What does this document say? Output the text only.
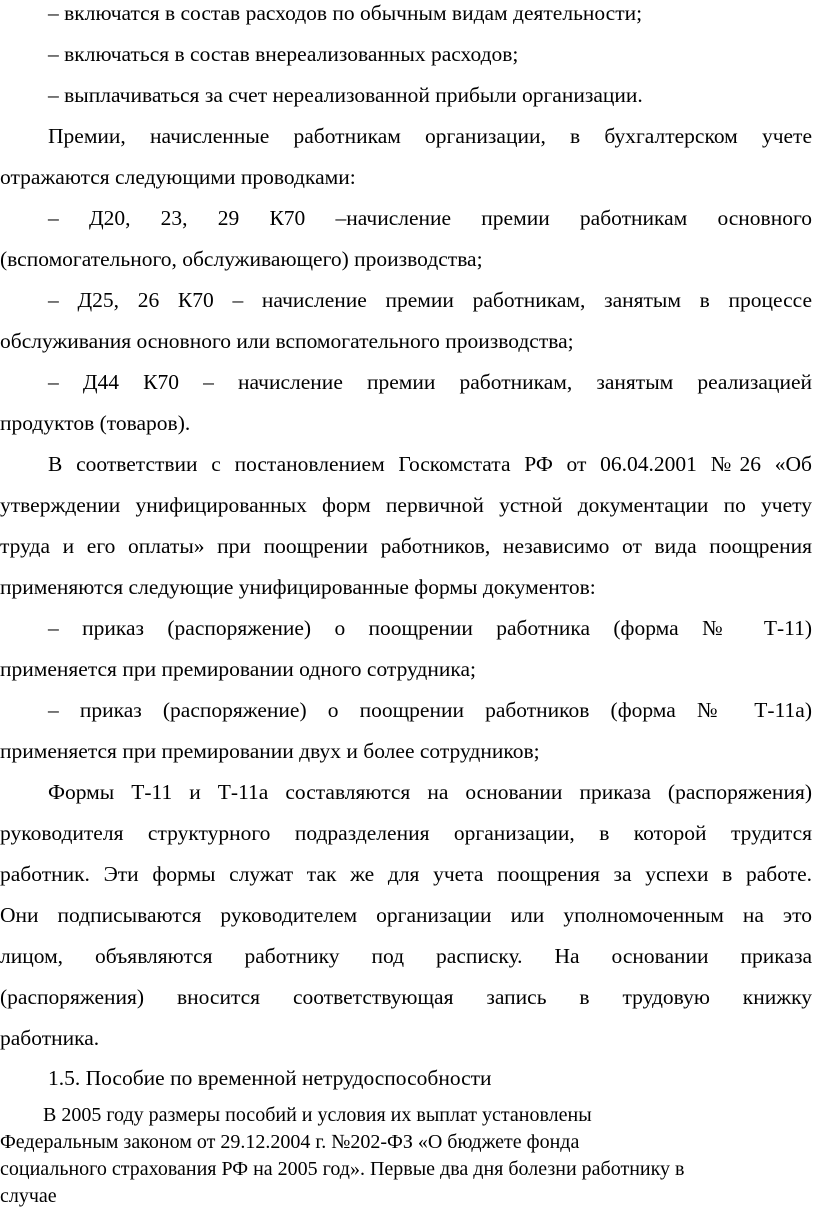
– включатся в состав расходов по обычным видам деятельности;

– включаться в состав внереализованных расходов;

– выплачиваться за счет нереализованной прибыли организации.

Премии, начисленные работникам организации, в бухгалтерском учете

отражаются следующими проводками:

– Д20, 23, 29 К70 –начисление премии работникам основного

(вспомогательного, обслуживающего) производства;

– Д25, 26 К70 – начисление премии работникам, занятым в процессе

обслуживания основного или вспомогательного производства;

– Д44 К70 – начисление премии работникам, занятым реализацией

продуктов (товаров).

В соответствии с постановлением Госкомстата РФ от 06.04.2001 №26 «Об

утверждении унифицированных форм первичной устной документации по учету

труда и его оплаты» при поощрении работников, независимо от вида поощрения

применяются следующие унифицированные формы документов:

– приказ (распоряжение) о поощрении работника (форма № Т-11)

применяется при премировании одного сотрудника;

– приказ (распоряжение) о поощрении работников (форма № Т-11а)

применяется при премировании двух и более сотрудников;

Формы Т-11 и Т-11а составляются на основании приказа (распоряжения)

руководителя структурного подразделения организации, в которой трудится

работник. Эти формы служат так же для учета поощрения за успехи в работе.

Они подписываются руководителем организации или уполномоченным на это

лицом, объявляются работнику под расписку. На основании приказа

(распоряжения) вносится соответствующая запись в трудовую книжку

работника.

1.5. Пособие по временной нетрудоспособности

В 2005 году размеры пособий и условия их выплат установлены

Федеральным законом от 29.12.2004 г. №202-ФЗ «О бюджете фонда

социального страхования РФ на 2005 год». Первые два дня болезни работнику в

случае
